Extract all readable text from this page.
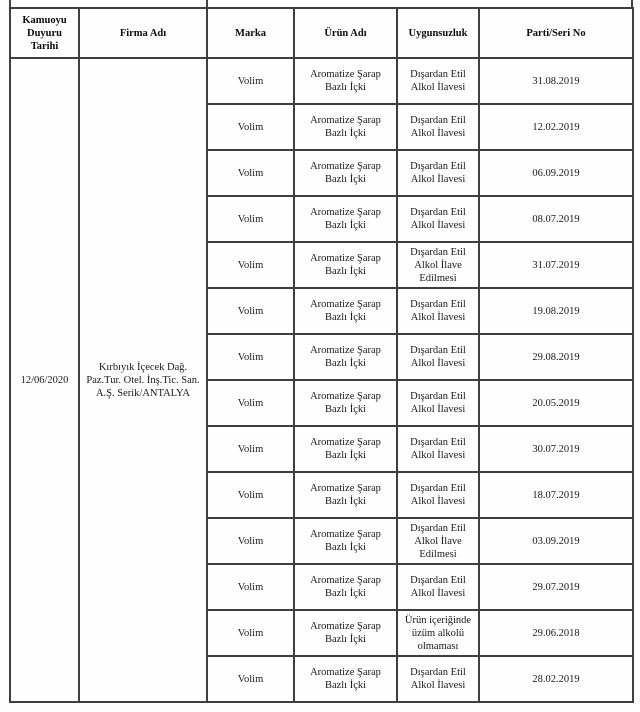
Kamuoyu Duyuru Tarihi	Firma Adı	Marka	Ürün Adı	Uygunsuzluk	Parti/Seri No
12/06/2020	Kırbıyık İçecek Dağ. Paz.Tur. Otel. İnş.Tic. San. A.Ş. Serik/ANTALYA	Volim	Aromatize Şarap Bazlı İçki	Dışardan Etil Alkol İlavesi	31.08.2019
		Volim	Aromatize Şarap Bazlı İçki	Dışardan Etil Alkol İlavesi	12.02.2019
		Volim	Aromatize Şarap Bazlı İçki	Dışardan Etil Alkol İlavesi	06.09.2019
		Volim	Aromatize Şarap Bazlı İçki	Dışardan Etil Alkol İlavesi	08.07.2019
		Volim	Aromatize Şarap Bazlı İçki	Dışardan Etil Alkol İlave Edilmesi	31.07.2019
		Volim	Aromatize Şarap Bazlı İçki	Dışardan Etil Alkol İlavesi	19.08.2019
		Volim	Aromatize Şarap Bazlı İçki	Dışardan Etil Alkol İlavesi	29.08.2019
		Volim	Aromatize Şarap Bazlı İçki	Dışardan Etil Alkol İlavesi	20.05.2019
		Volim	Aromatize Şarap Bazlı İçki	Dışardan Etil Alkol İlavesi	30.07.2019
		Volim	Aromatize Şarap Bazlı İçki	Dışardan Etil Alkol İlavesi	18.07.2019
		Volim	Aromatize Şarap Bazlı İçki	Dışardan Etil Alkol İlave Edilmesi	03.09.2019
		Volim	Aromatize Şarap Bazlı İçki	Dışardan Etil Alkol İlavesi	29.07.2019
		Volim	Aromatize Şarap Bazlı İçki	Ürün içeriğinde üzüm alkolü olmaması	29.06.2018
		Volim	Aromatize Şarap Bazlı İçki	Dışardan Etil Alkol İlavesi	28.02.2019
